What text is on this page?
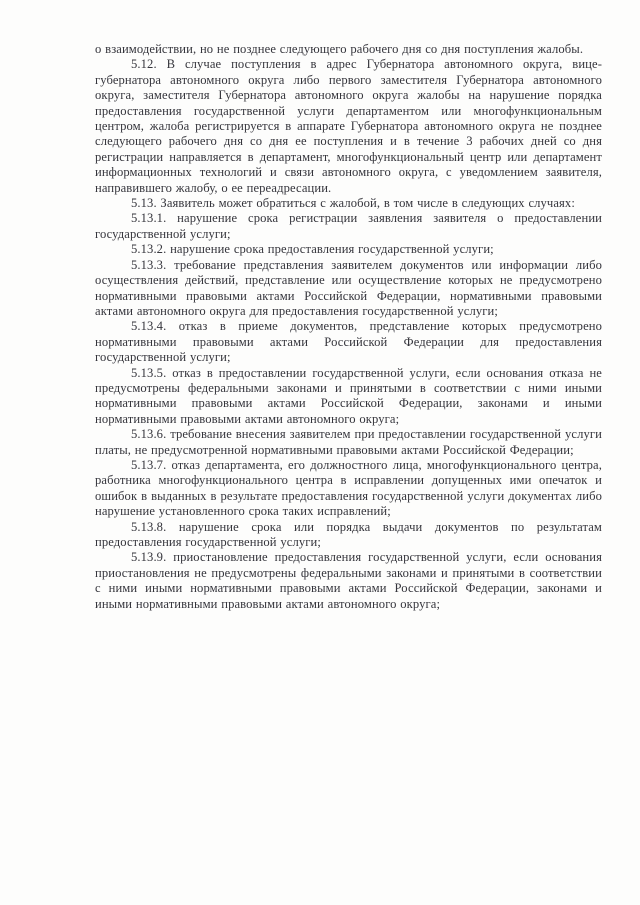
о взаимодействии, но не позднее следующего рабочего дня со дня поступления жалобы.

5.12. В случае поступления в адрес Губернатора автономного округа, вице-губернатора автономного округа либо первого заместителя Губернатора автономного округа, заместителя Губернатора автономного округа жалобы на нарушение порядка предоставления государственной услуги департаментом или многофункциональным центром, жалоба регистрируется в аппарате Губернатора автономного округа не позднее следующего рабочего дня со дня ее поступления и в течение 3 рабочих дней со дня регистрации направляется в департамент, многофункциональный центр или департамент информационных технологий и связи автономного округа, с уведомлением заявителя, направившего жалобу, о ее переадресации.

5.13. Заявитель может обратиться с жалобой, в том числе в следующих случаях:

5.13.1. нарушение срока регистрации заявления заявителя о предоставлении государственной услуги;

5.13.2. нарушение срока предоставления государственной услуги;

5.13.3. требование представления заявителем документов или информации либо осуществления действий, представление или осуществление которых не предусмотрено нормативными правовыми актами Российской Федерации, нормативными правовыми актами автономного округа для предоставления государственной услуги;

5.13.4. отказ в приеме документов, представление которых предусмотрено нормативными правовыми актами Российской Федерации для предоставления государственной услуги;

5.13.5. отказ в предоставлении государственной услуги, если основания отказа не предусмотрены федеральными законами и принятыми в соответствии с ними иными нормативными правовыми актами Российской Федерации, законами и иными нормативными правовыми актами автономного округа;

5.13.6. требование внесения заявителем при предоставлении государственной услуги платы, не предусмотренной нормативными правовыми актами Российской Федерации;

5.13.7. отказ департамента, его должностного лица, многофункционального центра, работника многофункционального центра в исправлении допущенных ими опечаток и ошибок в выданных в результате предоставления государственной услуги документах либо нарушение установленного срока таких исправлений;

5.13.8. нарушение срока или порядка выдачи документов по результатам предоставления государственной услуги;

5.13.9. приостановление предоставления государственной услуги, если основания приостановления не предусмотрены федеральными законами и принятыми в соответствии с ними иными нормативными правовыми актами Российской Федерации, законами и иными нормативными правовыми актами автономного округа;
